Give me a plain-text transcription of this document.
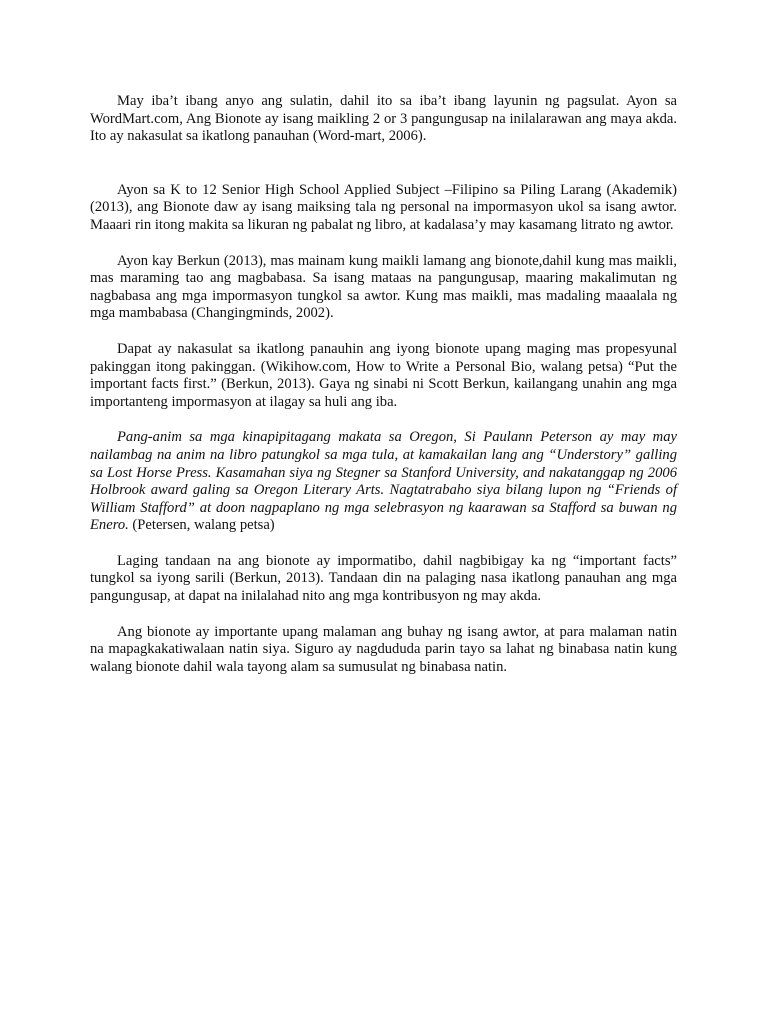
May iba’t ibang anyo ang sulatin, dahil ito sa iba’t ibang layunin ng pagsulat. Ayon sa WordMart.com, Ang Bionote ay isang maikling 2 or 3 pangungusap na inilalarawan ang maya akda. Ito ay nakasulat sa ikatlong panauhan (Word-mart, 2006).

Ayon sa K to 12 Senior High School Applied Subject –Filipino sa Piling Larang (Akademik) (2013), ang Bionote daw ay isang maiksing tala ng personal na impormasyon ukol sa isang awtor. Maaari rin itong makita sa likuran ng pabalat ng libro, at kadalasa’y may kasamang litrato ng awtor.

Ayon kay Berkun (2013), mas mainam kung maikli lamang ang bionote,dahil kung mas maikli, mas maraming tao ang magbabasa. Sa isang mataas na pangungusap, maaring makalimutan ng nagbabasa ang mga impormasyon tungkol sa awtor. Kung mas maikli, mas madaling maaalala ng mga mambabasa (Changingminds, 2002).

Dapat ay nakasulat sa ikatlong panauhin ang iyong bionote upang maging mas propesyunal pakinggan itong pakinggan. (Wikihow.com, How to Write a Personal Bio, walang petsa) “Put the important facts first.” (Berkun, 2013). Gaya ng sinabi ni Scott Berkun, kailangang unahin ang mga importanteng impormasyon at ilagay sa huli ang iba.

Pang-anim sa mga kinapipitagang makata sa Oregon, Si Paulann Peterson ay may may nailambag na anim na libro patungkol sa mga tula, at kamakailan lang ang “Understory” galling sa Lost Horse Press. Kasamahan siya ng Stegner sa Stanford University, and nakatanggap ng 2006 Holbrook award galing sa Oregon Literary Arts. Nagtatrabaho siya bilang lupon ng “Friends of William Stafford” at doon nagpaplano ng mga selebrasyon ng kaarawan sa Stafford sa buwan ng Enero. (Petersen, walang petsa)

Laging tandaan na ang bionote ay impormatibo, dahil nagbibigay ka ng “important facts” tungkol sa iyong sarili (Berkun, 2013). Tandaan din na palaging nasa ikatlong panauhan ang mga pangungusap, at dapat na inilalahad nito ang mga kontribusyon ng may akda.

Ang bionote ay importante upang malaman ang buhay ng isang awtor, at para malaman natin na mapagkakatiwalaan natin siya. Siguro ay nagdududa parin tayo sa lahat ng binabasa natin kung walang bionote dahil wala tayong alam sa sumusulat ng binabasa natin.
